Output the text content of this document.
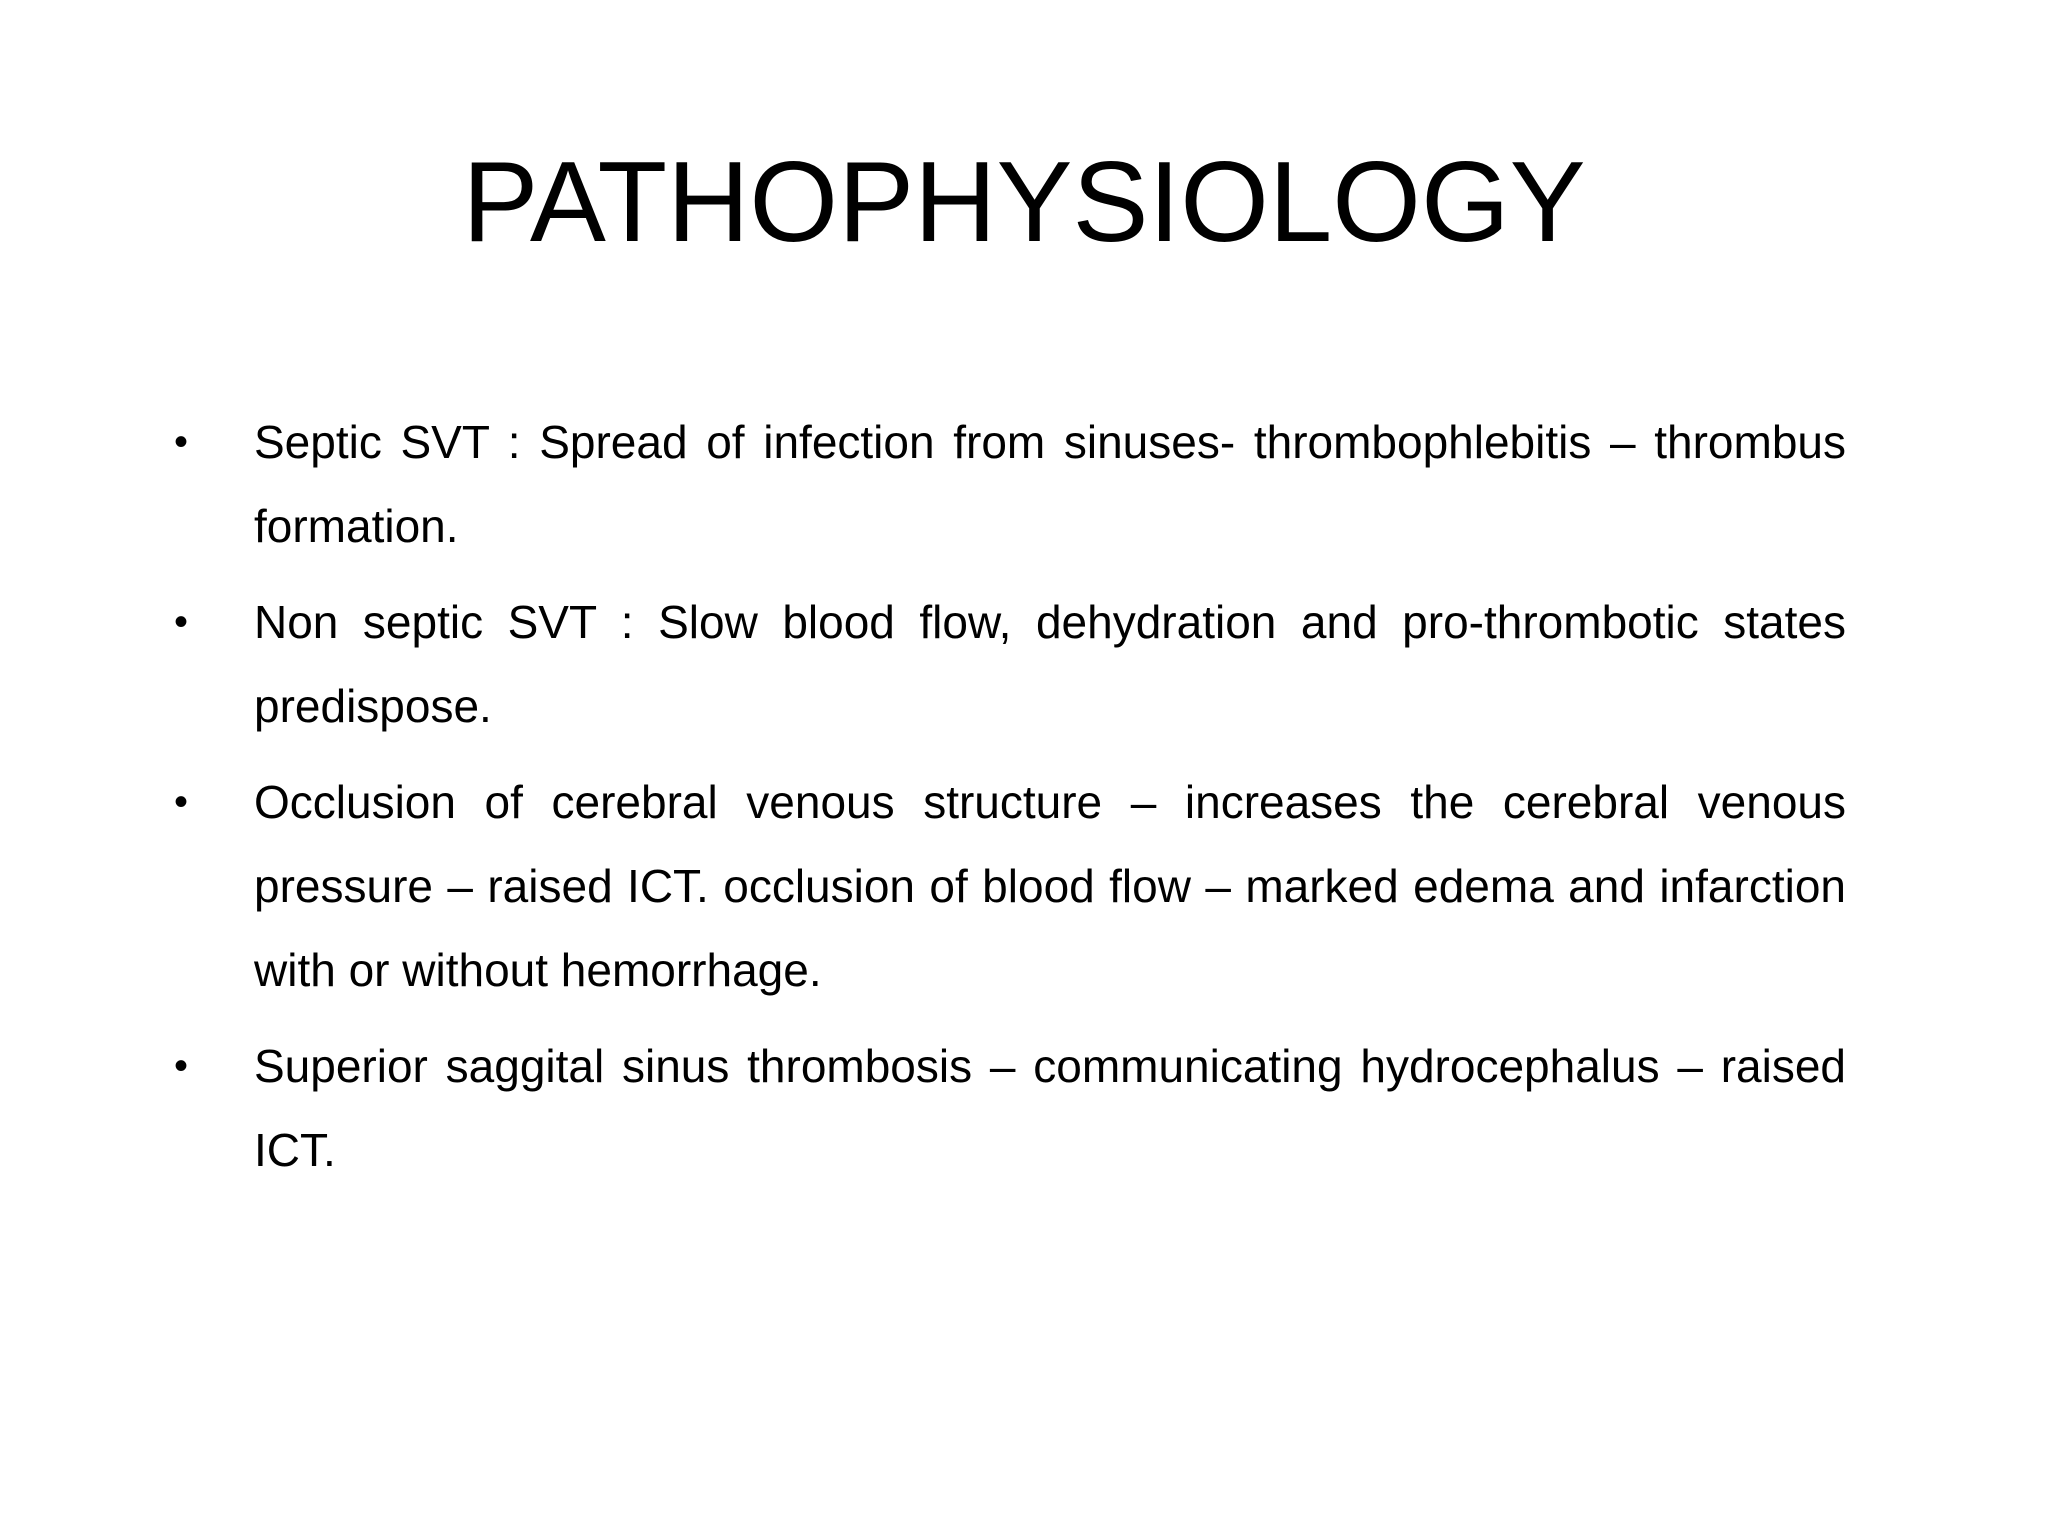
PATHOPHYSIOLOGY
•	Septic SVT : Spread of infection from sinuses- thrombophlebitis – thrombus formation.
•	Non septic SVT : Slow blood flow, dehydration and pro-thrombotic states predispose.
•	Occlusion of cerebral venous structure – increases the cerebral venous pressure – raised ICT. occlusion of blood flow – marked edema and infarction with or without hemorrhage.
•	Superior saggital sinus thrombosis – communicating hydrocephalus – raised ICT.
